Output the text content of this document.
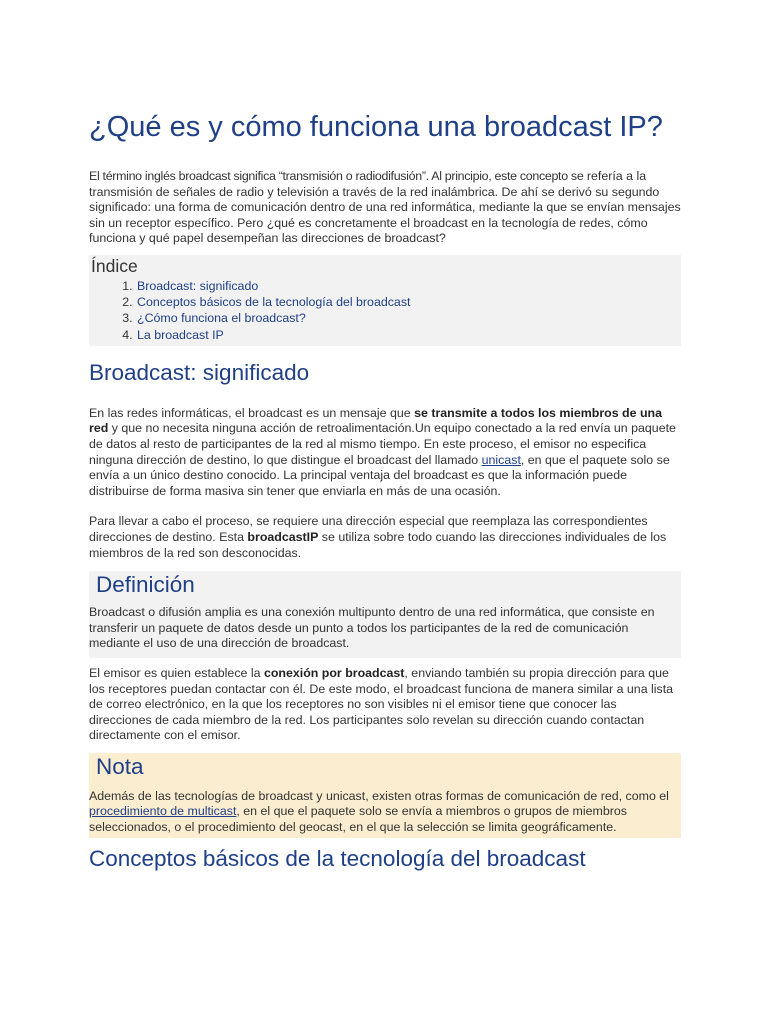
¿Qué es y cómo funciona una broadcast IP?

El término inglés broadcast significa “transmisión o radiodifusión”. Al principio, este concepto se refería a la transmisión de señales de radio y televisión a través de la red inalámbrica. De ahí se derivó su segundo significado: una forma de comunicación dentro de una red informática, mediante la que se envían mensajes sin un receptor específico. Pero ¿qué es concretamente el broadcast en la tecnología de redes, cómo funciona y qué papel desempeñan las direcciones de broadcast?

Índice
1. Broadcast: significado
2. Conceptos básicos de la tecnología del broadcast
3. ¿Cómo funciona el broadcast?
4. La broadcast IP
Broadcast: significado

En las redes informáticas, el broadcast es un mensaje que se transmite a todos los miembros de una red y que no necesita ninguna acción de retroalimentación.Un equipo conectado a la red envía un paquete de datos al resto de participantes de la red al mismo tiempo. En este proceso, el emisor no especifica ninguna dirección de destino, lo que distingue el broadcast del llamado unicast, en que el paquete solo se envía a un único destino conocido. La principal ventaja del broadcast es que la información puede distribuirse de forma masiva sin tener que enviarla en más de una ocasión.

Para llevar a cabo el proceso, se requiere una dirección especial que reemplaza las correspondientes direcciones de destino. Esta broadcastIP se utiliza sobre todo cuando las direcciones individuales de los miembros de la red son desconocidas.

Definición

Broadcast o difusión amplia es una conexión multipunto dentro de una red informática, que consiste en transferir un paquete de datos desde un punto a todos los participantes de la red de comunicación mediante el uso de una dirección de broadcast.

El emisor es quien establece la conexión por broadcast, enviando también su propia dirección para que los receptores puedan contactar con él. De este modo, el broadcast funciona de manera similar a una lista de correo electrónico, en la que los receptores no son visibles ni el emisor tiene que conocer las direcciones de cada miembro de la red. Los participantes solo revelan su dirección cuando contactan directamente con el emisor.

Nota

Además de las tecnologías de broadcast y unicast, existen otras formas de comunicación de red, como el procedimiento de multicast, en el que el paquete solo se envía a miembros o grupos de miembros seleccionados, o el procedimiento del geocast, en el que la selección se limita geográficamente.

Conceptos básicos de la tecnología del broadcast
